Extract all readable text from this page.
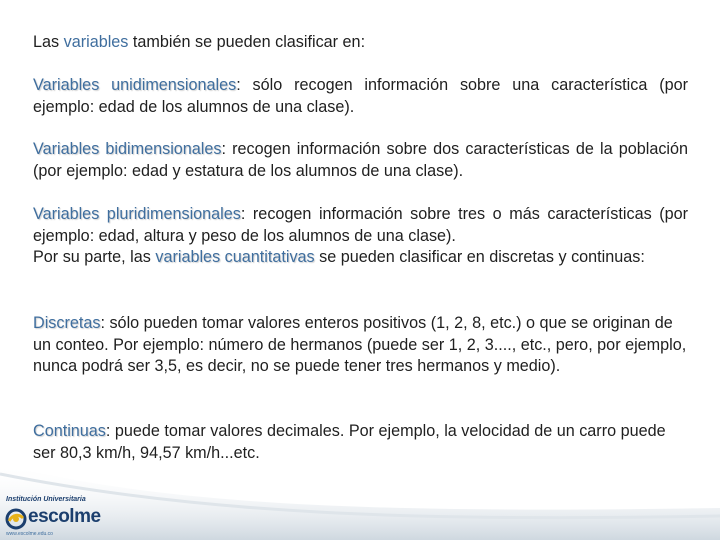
Las variables también se pueden clasificar en:

Variables unidimensionales: sólo recogen información sobre una característica (por ejemplo: edad de los alumnos de una clase).

Variables bidimensionales: recogen información sobre dos características de la población (por ejemplo: edad y estatura de los alumnos de una clase).

Variables pluridimensionales: recogen información sobre tres o más características (por ejemplo: edad, altura y peso de los alumnos de una clase).
Por su parte, las variables cuantitativas se pueden clasificar en discretas y continuas:

Discretas: sólo pueden tomar valores enteros positivos (1, 2, 8, etc.) o que se originan de un conteo. Por ejemplo: número de hermanos (puede ser 1, 2, 3...., etc., pero, por ejemplo, nunca podrá ser 3,5, es decir, no se puede tener tres hermanos y medio).

Continuas: puede tomar valores decimales. Por ejemplo, la velocidad de un carro puede ser 80,3 km/h, 94,57 km/h...etc.

Institución Universitaria
escolme
www.escolme.edu.co
